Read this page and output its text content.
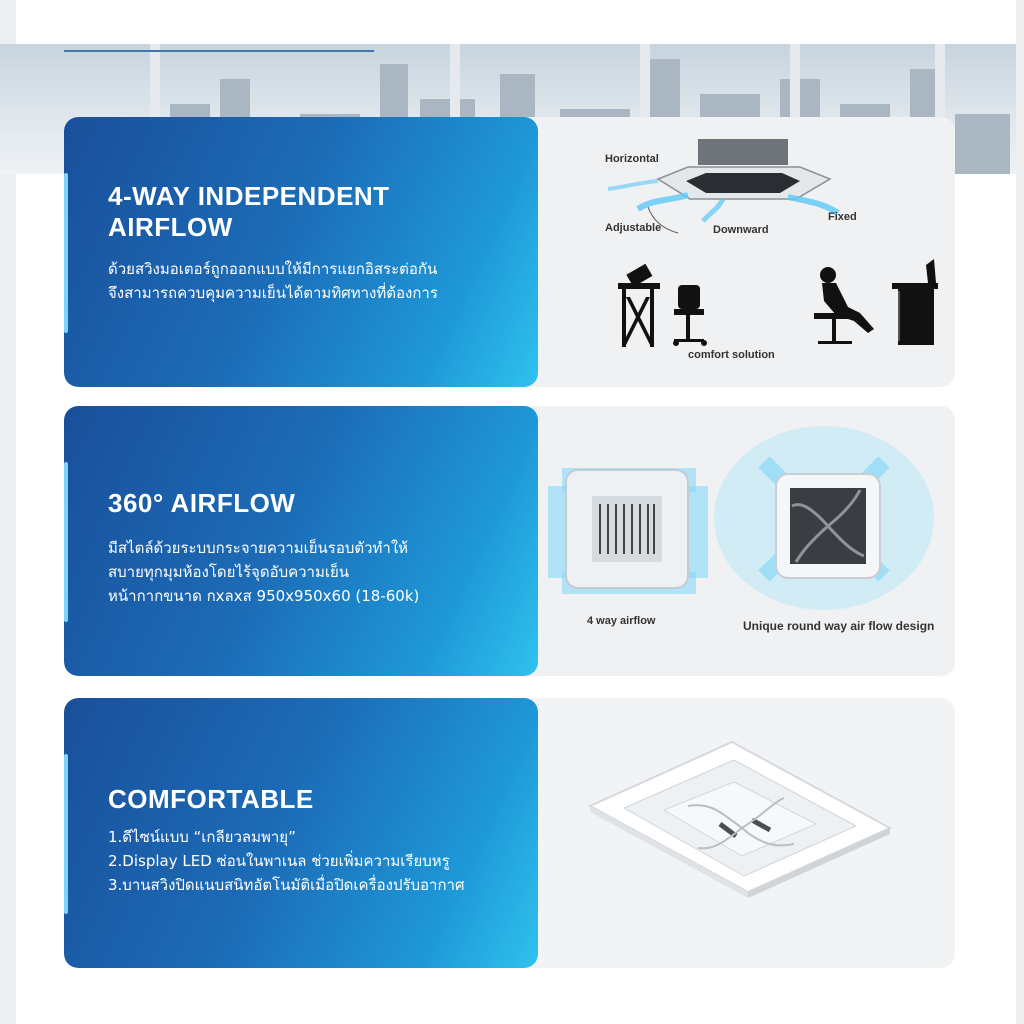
4-WAY INDEPENDENT
AIRFLOW
ด้วยสวิงมอเตอร์ถูกออกแบบให้มีการแยกอิสระต่อกัน
จึงสามารถควบคุมความเย็นได้ตามทิศทางที่ต้องการ
Horizontal
Adjustable	Downward
Fixed
comfort solution
360° AIRFLOW
มีสไตล์ด้วยระบบกระจายความเย็นรอบตัวทำให้
สบายทุกมุมห้องโดยไร้จุดอับความเย็น
หน้ากากขนาด กxลxส 950x950x60 (18-60k)
4 way airflow	Unique round way air flow design
COMFORTABLE
1.ดีไซน์แบบ “เกลียวลมพายุ”
2.Display LED ซ่อนในพาเนล ช่วยเพิ่มความเรียบหรู
3.บานสวิงปิดแนบสนิทอัตโนมัติเมื่อปิดเครื่องปรับอากาศ
